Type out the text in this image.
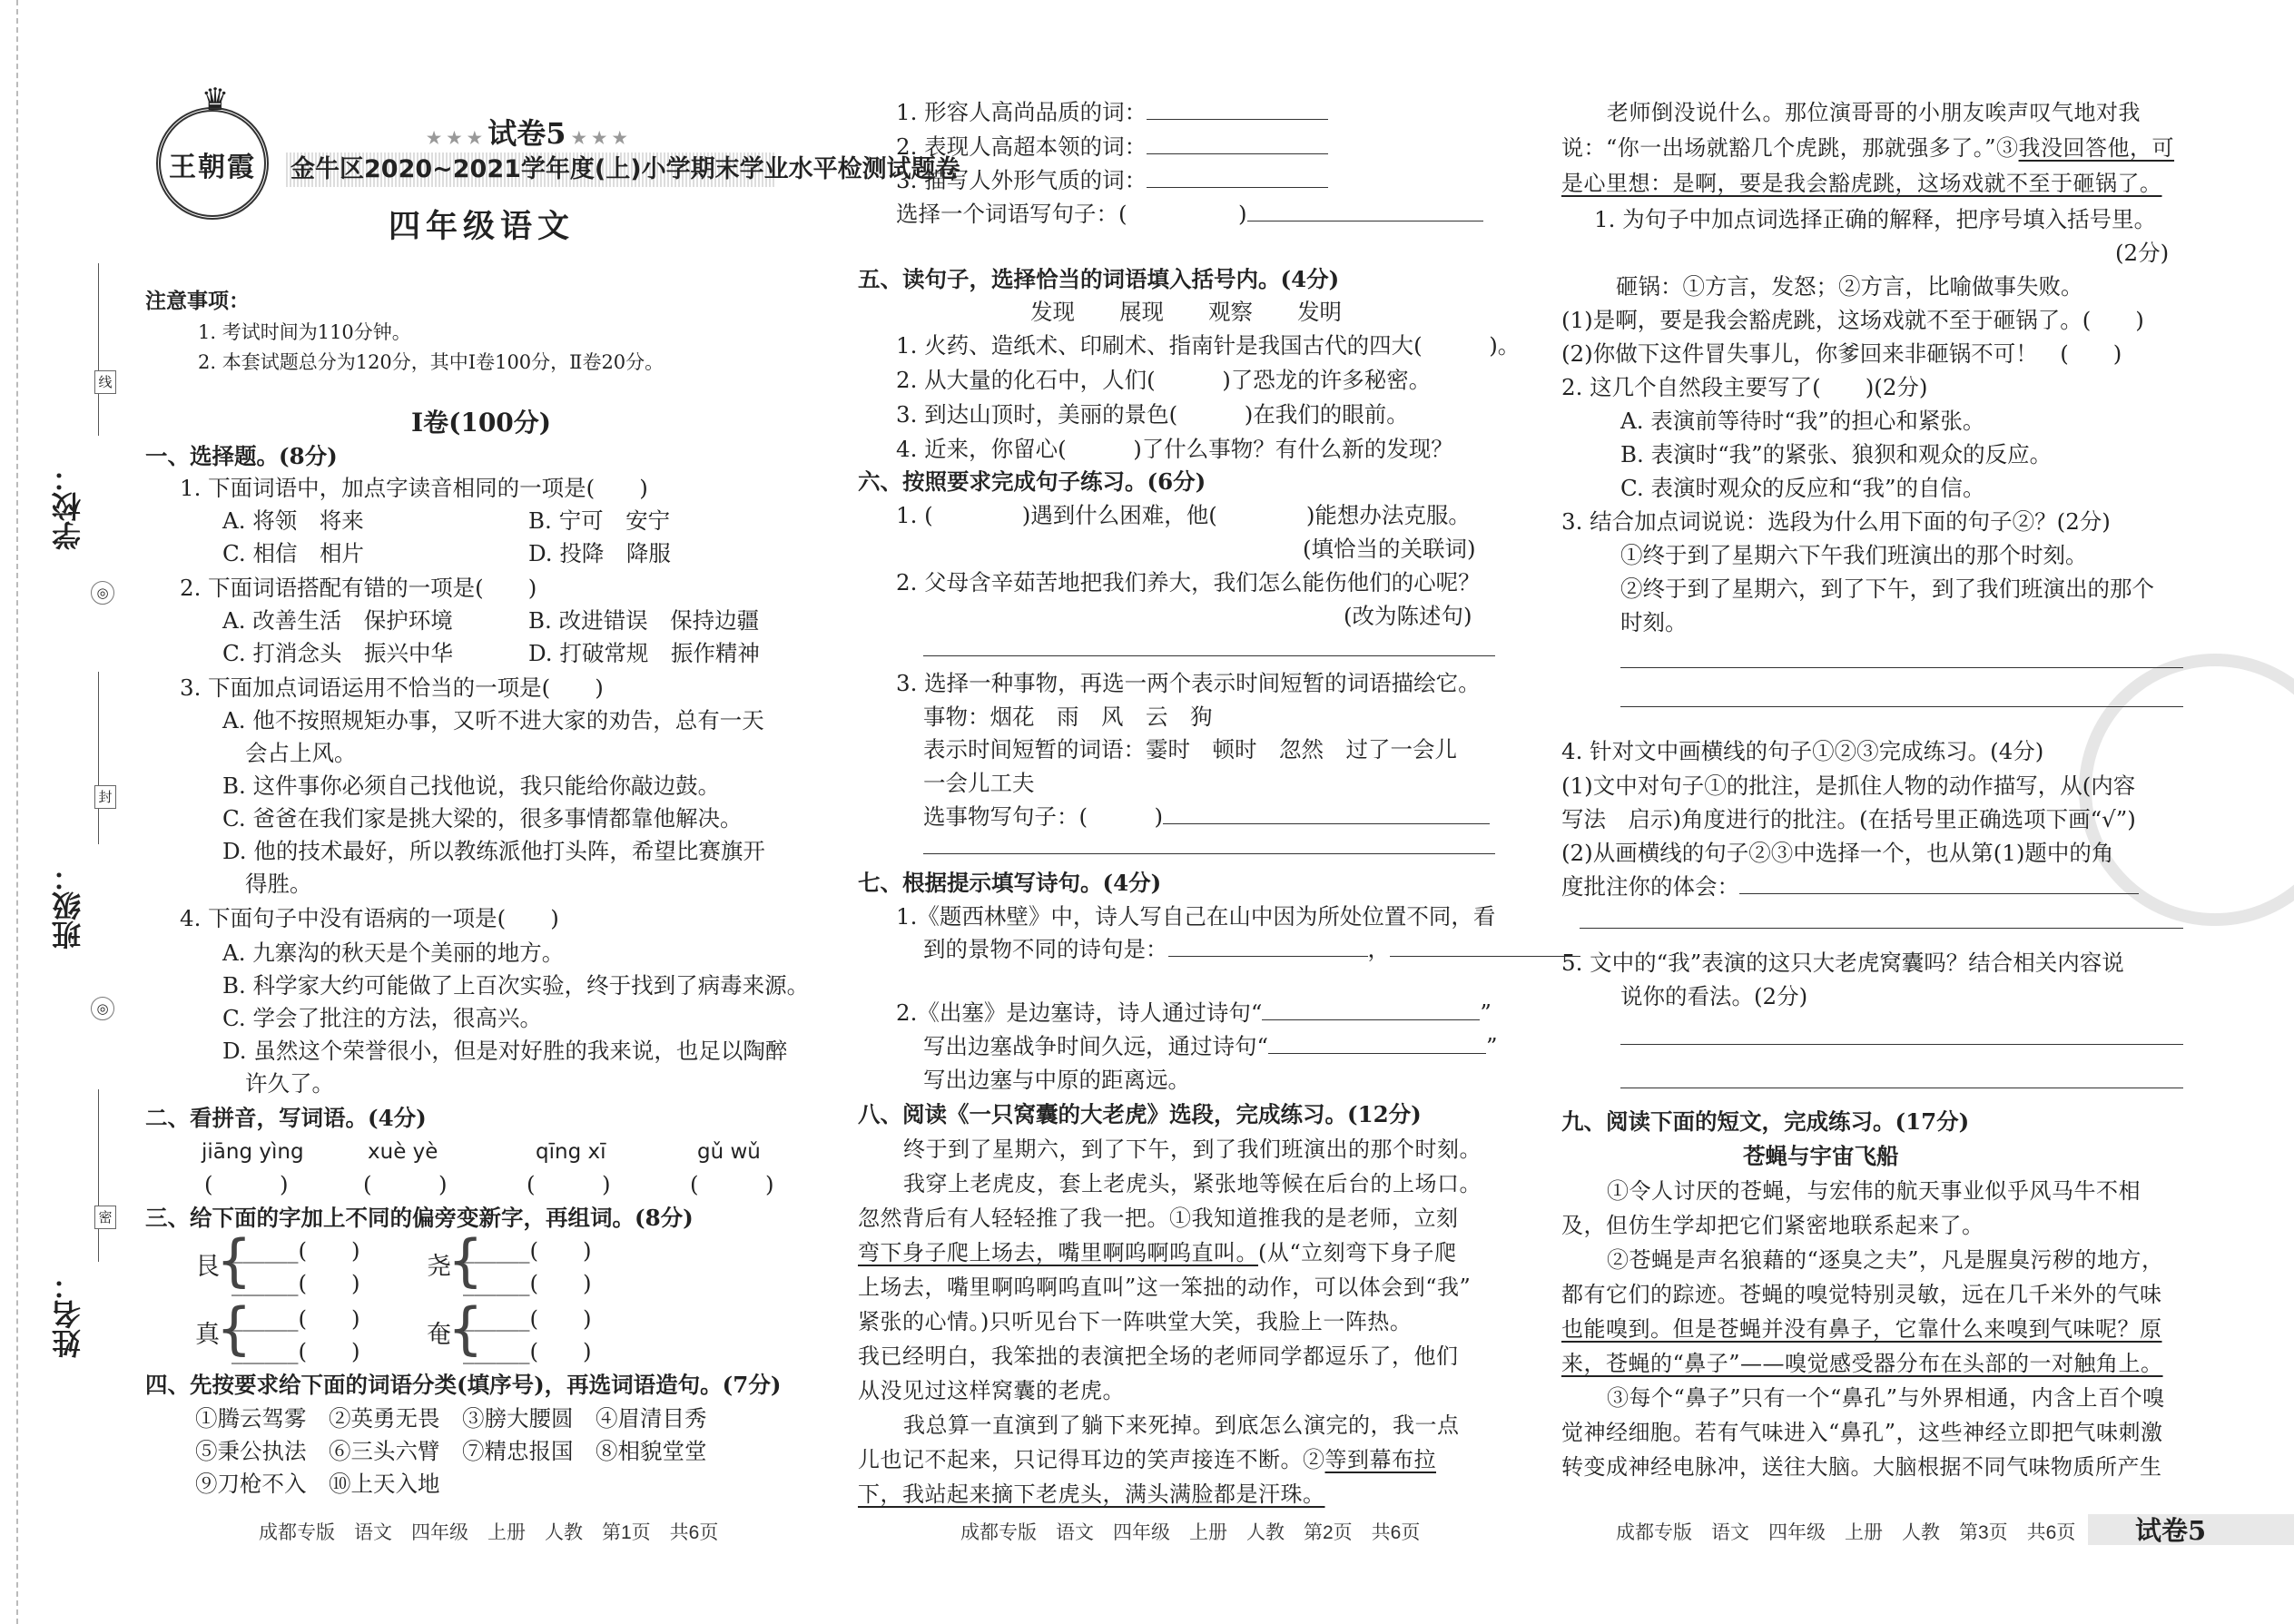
学校：
班级：
姓名：
线
◎
封
◎
密
♛
王朝霞
★ ★ ★ 试卷5 ★ ★ ★
金牛区2020~2021学年度(上)小学期末学业水平检测试题卷
四年级语文
注意事项：
1. 考试时间为110分钟。
2. 本套试题总分为120分，其中Ⅰ卷100分，Ⅱ卷20分。
Ⅰ卷(100分)
一、选择题。(8分)
1. 下面词语中，加点字读音相同的一项是(　　)
A. 将领　将来	B. 宁可　安宁
C. 相信　相片	D. 投降　降服
2. 下面词语搭配有错的一项是(　　)
A. 改善生活　保护环境	B. 改进错误　保持边疆
C. 打消念头　振兴中华	D. 打破常规　振作精神
3. 下面加点词语运用不恰当的一项是(　　)
A. 他不按照规矩办事，又听不进大家的劝告，总有一天
会占上风。
B. 这件事你必须自己找他说，我只能给你敲边鼓。
C. 爸爸在我们家是挑大梁的，很多事情都靠他解决。
D. 他的技术最好，所以教练派他打头阵，希望比赛旗开
得胜。
4. 下面句子中没有语病的一项是(　　)
A. 九寨沟的秋天是个美丽的地方。
B. 科学家大约可能做了上百次实验，终于找到了病毒来源。
C. 学会了批注的方法，很高兴。
D. 虽然这个荣誉很小，但是对好胜的我来说，也足以陶醉
许久了。
二、看拼音，写词语。(4分)
jiāng yìng	xuè yè	qīng xī	gǔ wǔ
(　　　)	(　　　)	(　　　)	(　　　)
三、给下面的字加上不同的偏旁变新字，再组词。(8分)
艮
{
______(　　)
______(　　)
尧
{
______(　　)
______(　　)
真
{
______(　　)
______(　　)
奄
{
______(　　)
______(　　)
四、先按要求给下面的词语分类(填序号)，再选词语造句。(7分)
①腾云驾雾　②英勇无畏　③膀大腰圆　④眉清目秀
⑤秉公执法　⑥三头六臂　⑦精忠报国　⑧相貌堂堂
⑨刀枪不入　⑩上天入地
1. 形容人高尚品质的词：
2. 表现人高超本领的词：
3. 描写人外形气质的词：
选择一个词语写句子：(　　　　　)
五、读句子，选择恰当的词语填入括号内。(4分)
发现　　展现　　观察　　发明
1. 火药、造纸术、印刷术、指南针是我国古代的四大(　　　)。
2. 从大量的化石中，人们(　　　)了恐龙的许多秘密。
3. 到达山顶时，美丽的景色(　　　)在我们的眼前。
4. 近来，你留心(　　　)了什么事物？有什么新的发现？
六、按照要求完成句子练习。(6分)
1. (　　　　)遇到什么困难，他(　　　　)能想办法克服。
(填恰当的关联词)
2. 父母含辛茹苦地把我们养大，我们怎么能伤他们的心呢？
(改为陈述句)
3. 选择一种事物，再选一两个表示时间短暂的词语描绘它。
事物：烟花　雨　风　云　狗
表示时间短暂的词语：霎时　顿时　忽然　过了一会儿
一会儿工夫
选事物写句子：(　　　)
七、根据提示填写诗句。(4分)
1.《题西林壁》中，诗人写自己在山中因为所处位置不同，看
到的景物不同的诗句是：	，
2.《出塞》是边塞诗，诗人通过诗句“	”
写出边塞战争时间久远，通过诗句“	”
写出边塞与中原的距离远。
八、阅读《一只窝囊的大老虎》选段，完成练习。(12分)
终于到了星期六，到了下午，到了我们班演出的那个时刻。
我穿上老虎皮，套上老虎头，紧张地等候在后台的上场口。
忽然背后有人轻轻推了我一把。①我知道推我的是老师，立刻
弯下身子爬上场去，嘴里啊呜啊呜直叫。(从“立刻弯下身子爬
上场去，嘴里啊呜啊呜直叫”这一笨拙的动作，可以体会到“我”
紧张的心情。)只听见台下一阵哄堂大笑，我脸上一阵热。
我已经明白，我笨拙的表演把全场的老师同学都逗乐了，他们
从没见过这样窝囊的老虎。
我总算一直演到了躺下来死掉。到底怎么演完的，我一点
儿也记不起来，只记得耳边的笑声接连不断。②等到幕布拉
下，我站起来摘下老虎头，满头满脸都是汗珠。
老师倒没说什么。那位演哥哥的小朋友唉声叹气地对我
说：“你一出场就豁几个虎跳，那就强多了。”③我没回答他，可
是心里想：是啊，要是我会豁虎跳，这场戏就不至于砸锅了。
1. 为句子中加点词选择正确的解释，把序号填入括号里。
(2分)
砸锅：①方言，发怒；②方言，比喻做事失败。
(1)是啊，要是我会豁虎跳，这场戏就不至于砸锅了。(　　)
(2)你做下这件冒失事儿，你爹回来非砸锅不可！　(　　)
2. 这几个自然段主要写了(　　)(2分)
A. 表演前等待时“我”的担心和紧张。
B. 表演时“我”的紧张、狼狈和观众的反应。
C. 表演时观众的反应和“我”的自信。
3. 结合加点词说说：选段为什么用下面的句子②？(2分)
①终于到了星期六下午我们班演出的那个时刻。
②终于到了星期六，到了下午，到了我们班演出的那个
时刻。
4. 针对文中画横线的句子①②③完成练习。(4分)
(1)文中对句子①的批注，是抓住人物的动作描写，从(内容
写法　启示)角度进行的批注。(在括号里正确选项下画“√”)
(2)从画横线的句子②③中选择一个，也从第(1)题中的角
度批注你的体会：
5. 文中的“我”表演的这只大老虎窝囊吗？结合相关内容说
说你的看法。(2分)
九、阅读下面的短文，完成练习。(17分)
苍蝇与宇宙飞船
①令人讨厌的苍蝇，与宏伟的航天事业似乎风马牛不相
及，但仿生学却把它们紧密地联系起来了。
②苍蝇是声名狼藉的“逐臭之夫”，凡是腥臭污秽的地方，
都有它们的踪迹。苍蝇的嗅觉特别灵敏，远在几千米外的气味
也能嗅到。但是苍蝇并没有鼻子，它靠什么来嗅到气味呢？原
来，苍蝇的“鼻子”——嗅觉感受器分布在头部的一对触角上。
③每个“鼻子”只有一个“鼻孔”与外界相通，内含上百个嗅
觉神经细胞。若有气味进入“鼻孔”，这些神经立即把气味刺激
转变成神经电脉冲，送往大脑。大脑根据不同气味物质所产生
成都专版　语文　四年级　上册　人教　第1页　共6页	成都专版　语文　四年级　上册　人教　第2页　共6页	成都专版　语文　四年级　上册　人教　第3页　共6页 试卷5
